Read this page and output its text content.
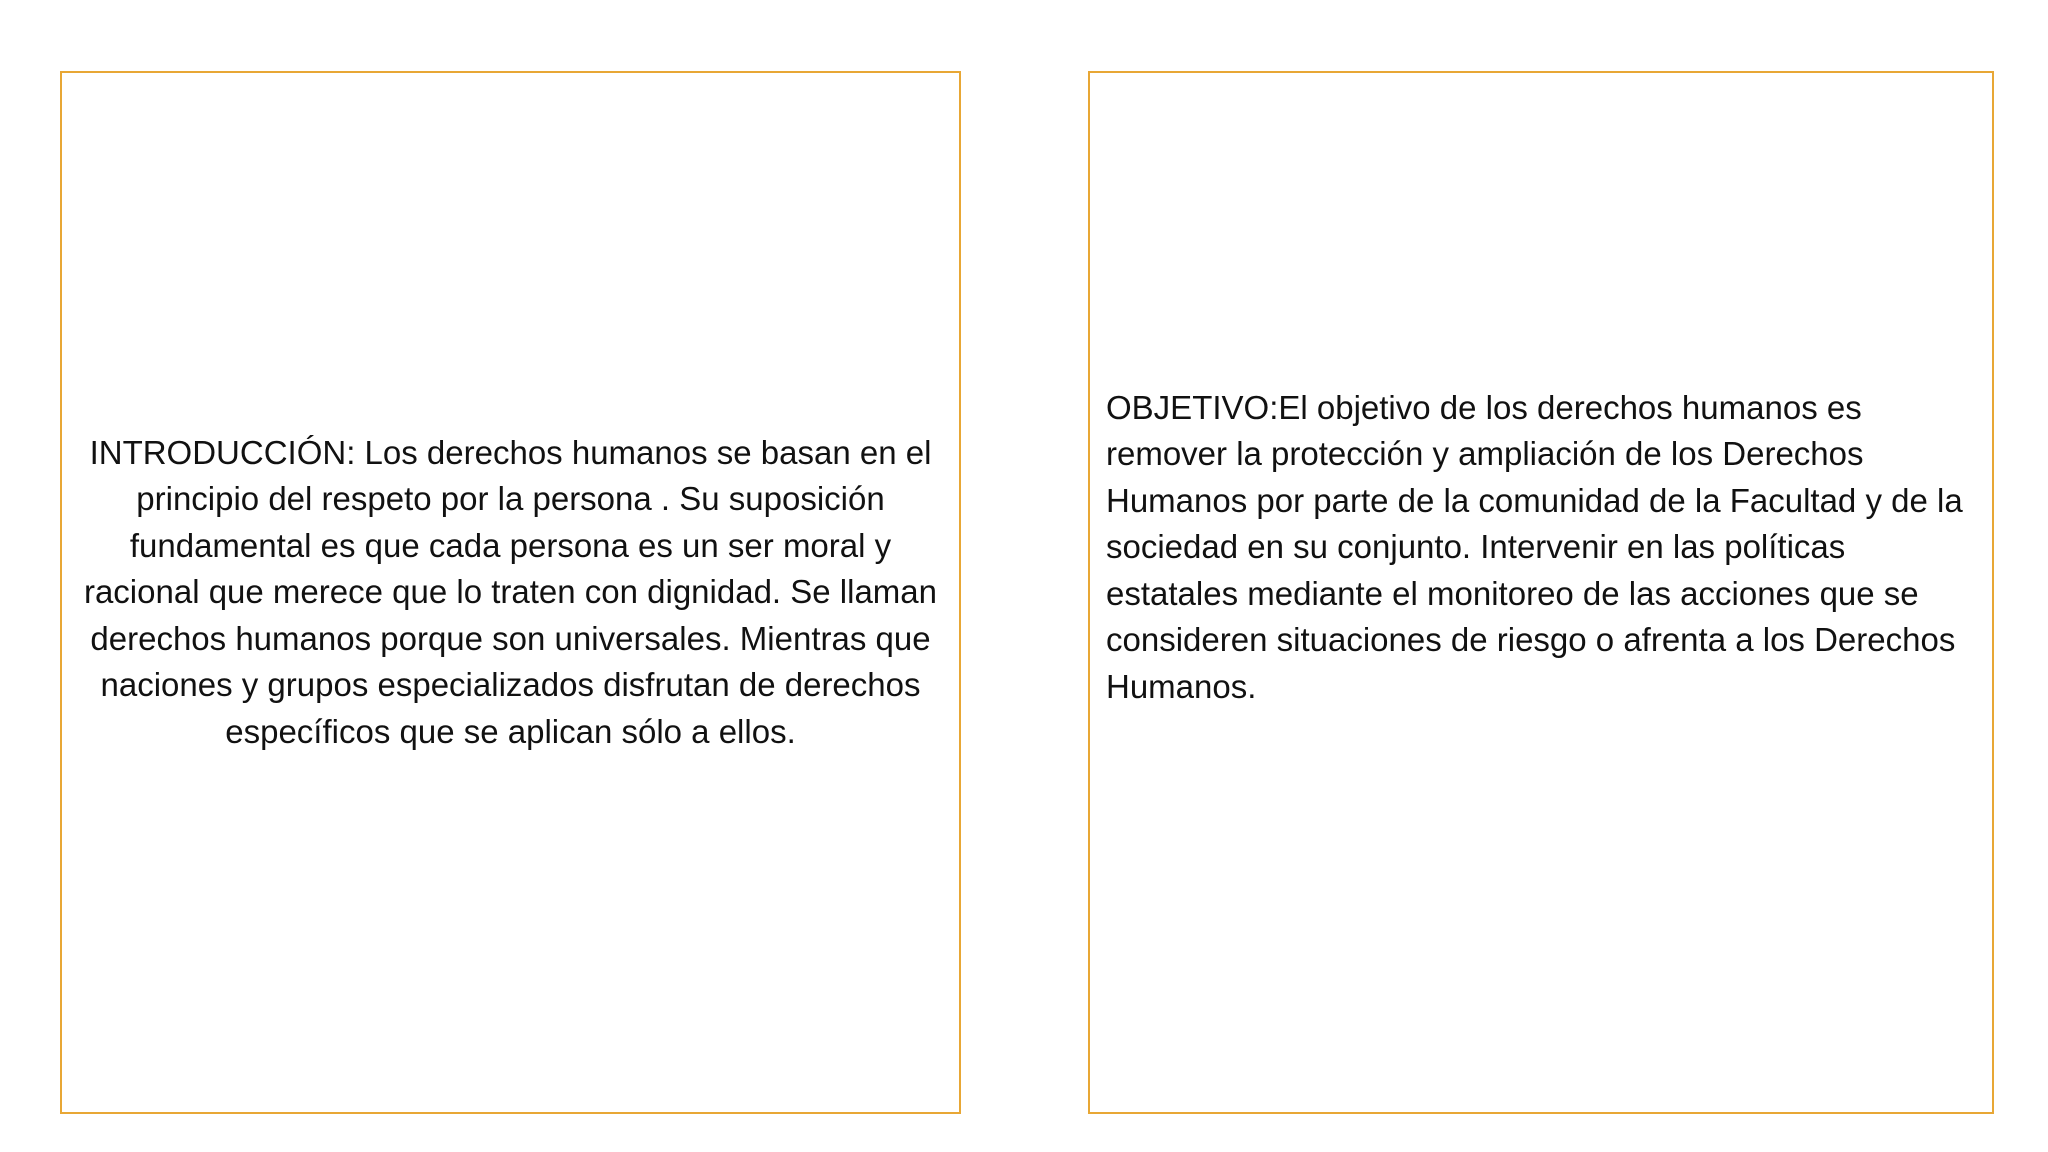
INTRODUCCIÓN: Los derechos humanos se basan en el principio del respeto por la persona . Su suposición fundamental es que cada persona es un ser moral y racional que merece que lo traten con dignidad. Se llaman derechos humanos porque son universales. Mientras que naciones y grupos especializados disfrutan de derechos específicos que se aplican sólo a ellos.

OBJETIVO:El objetivo de los derechos humanos es remover la protección y ampliación de los Derechos Humanos por parte de la comunidad de la Facultad y de la sociedad en su conjunto. Intervenir en las políticas estatales mediante el monitoreo de las acciones que se consideren situaciones de riesgo o afrenta a los Derechos Humanos.
